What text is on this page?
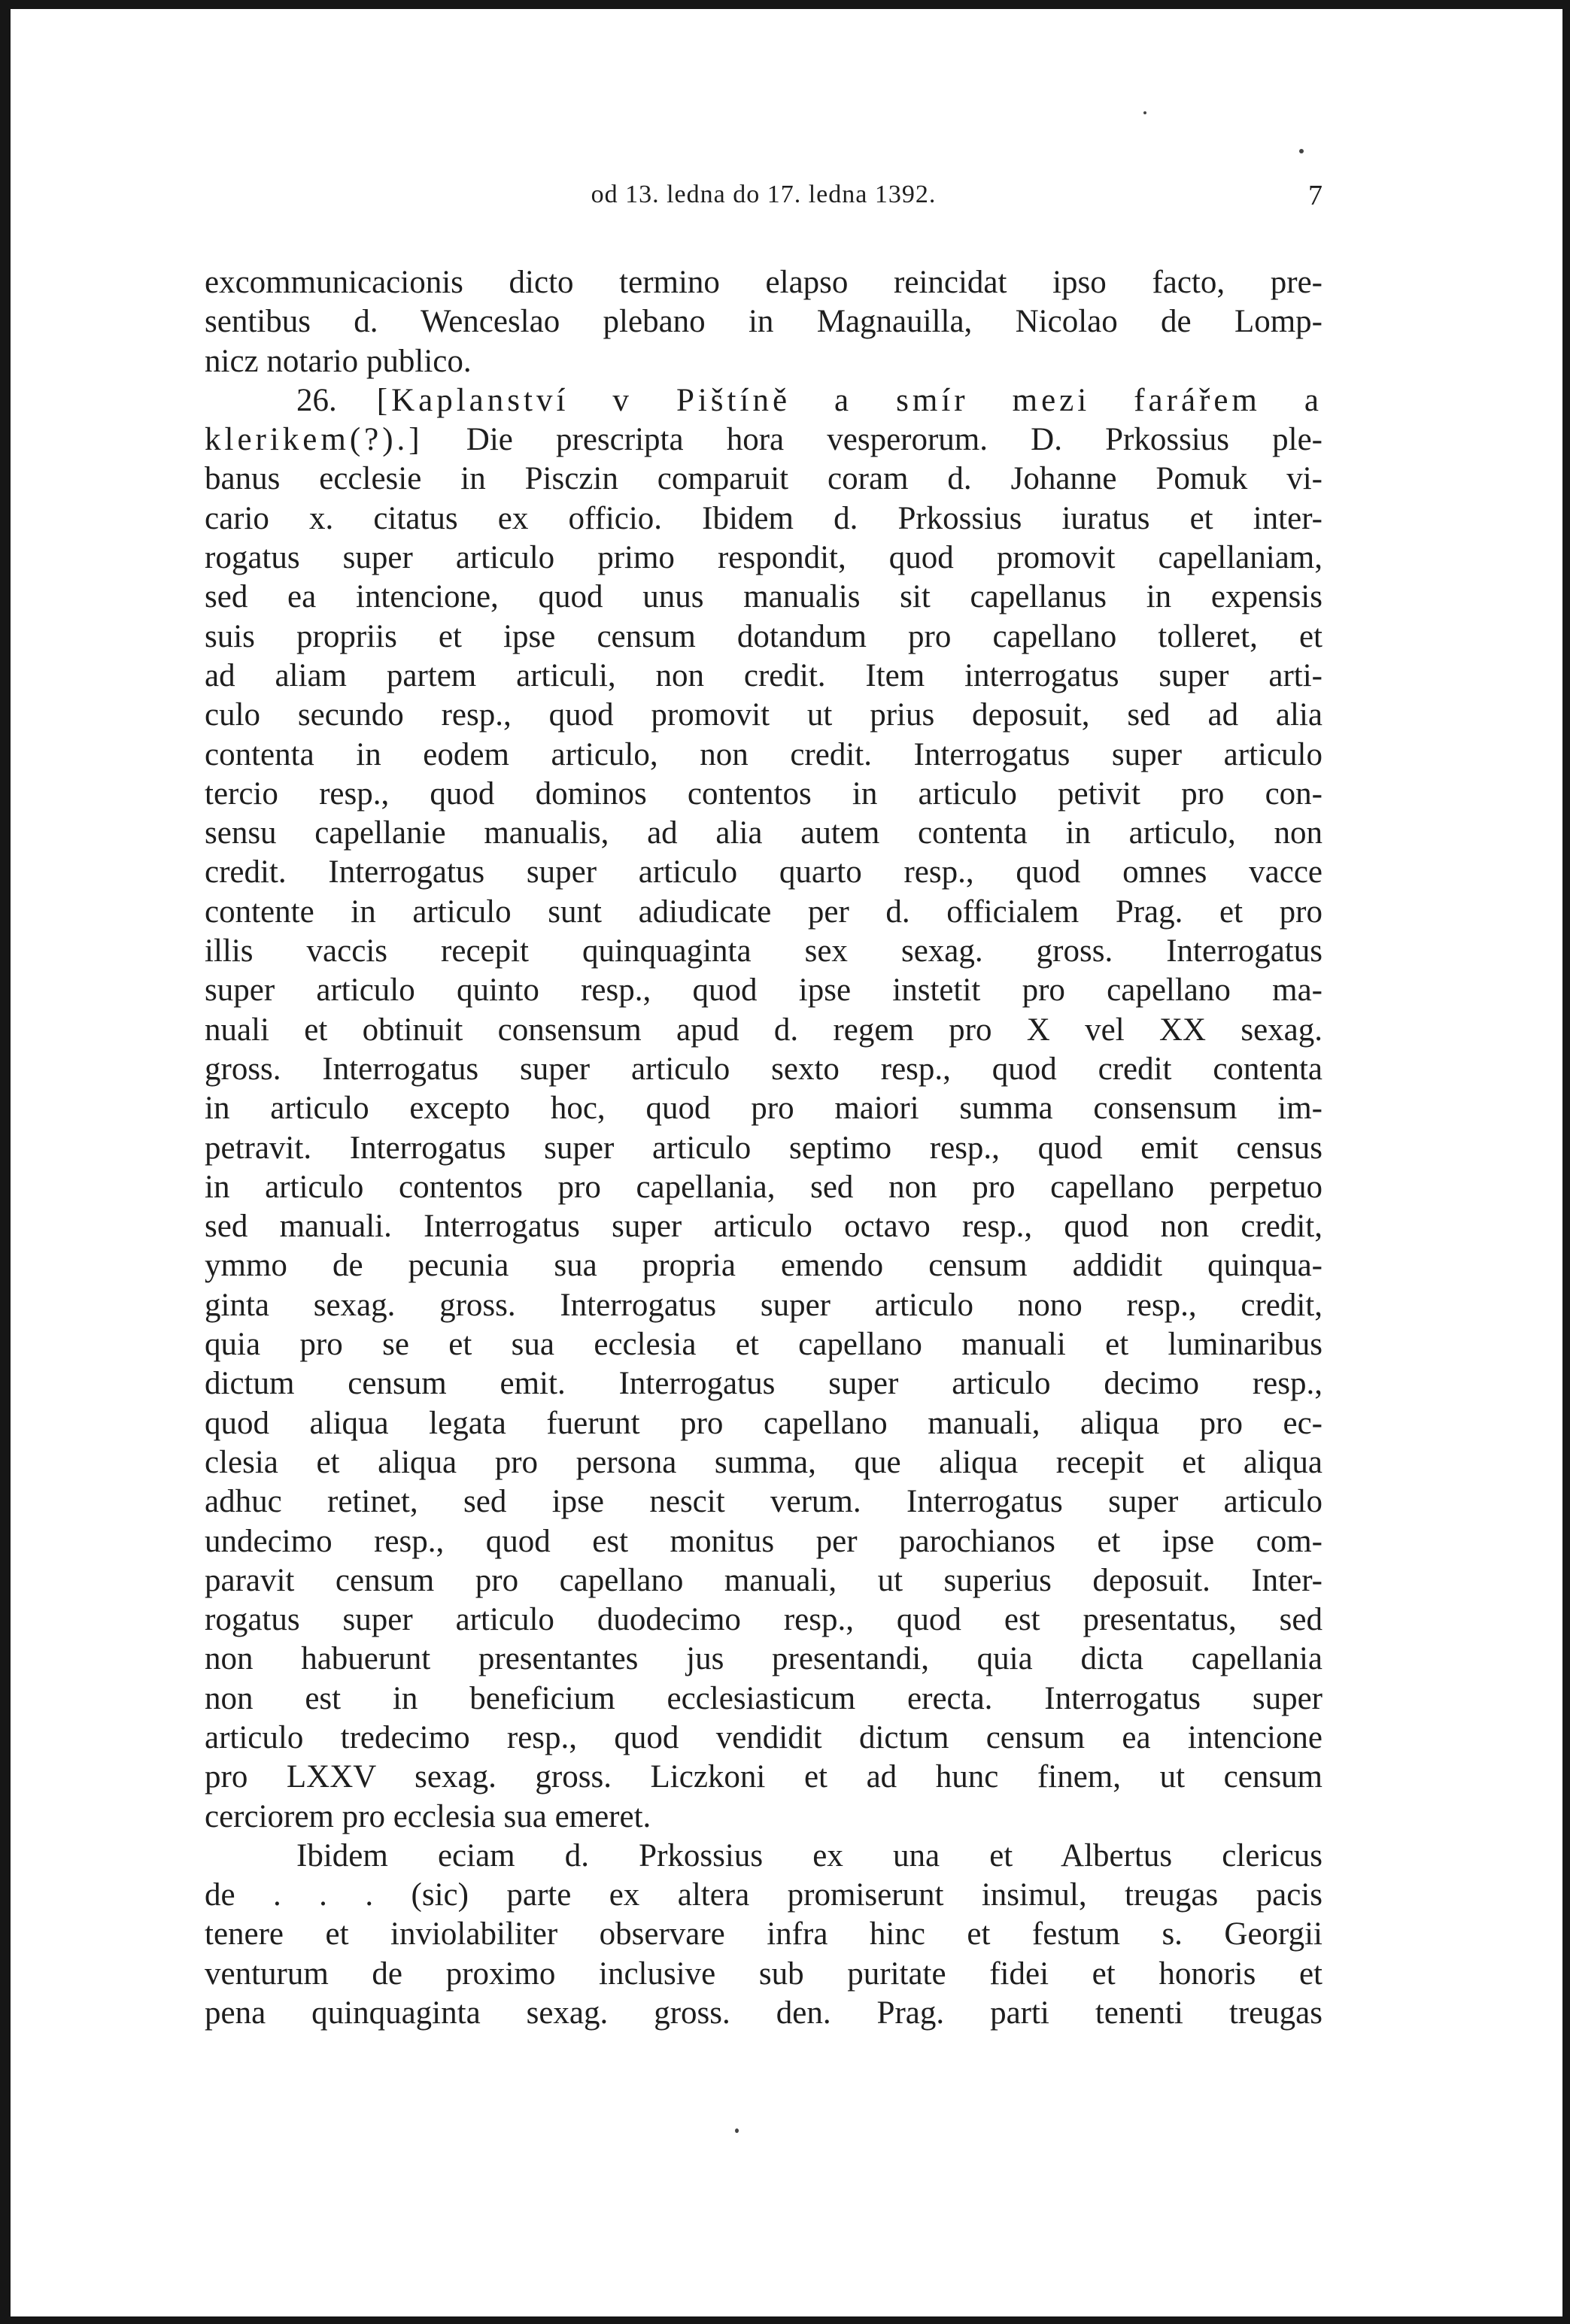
od 13. ledna do 17. ledna 1392.	7
excommunicacionis dicto termino elapso reincidat ipso facto, pre-
sentibus d. Wenceslao plebano in Magnauilla, Nicolao de Lomp-
nicz notario publico.
26. [Kaplanství v Pištíně a smír mezi farářem a
klerikem(?).] Die prescripta hora vesperorum. D. Prkossius ple-
banus ecclesie in Pisczin comparuit coram d. Johanne Pomuk vi-
cario x. citatus ex officio. Ibidem d. Prkossius iuratus et inter-
rogatus super articulo primo respondit, quod promovit capellaniam,
sed ea intencione, quod unus manualis sit capellanus in expensis
suis propriis et ipse censum dotandum pro capellano tolleret, et
ad aliam partem articuli, non credit. Item interrogatus super arti-
culo secundo resp., quod promovit ut prius deposuit, sed ad alia
contenta in eodem articulo, non credit. Interrogatus super articulo
tercio resp., quod dominos contentos in articulo petivit pro con-
sensu capellanie manualis, ad alia autem contenta in articulo, non
credit. Interrogatus super articulo quarto resp., quod omnes vacce
contente in articulo sunt adiudicate per d. officialem Prag. et pro
illis vaccis recepit quinquaginta sex sexag. gross. Interrogatus
super articulo quinto resp., quod ipse instetit pro capellano ma-
nuali et obtinuit consensum apud d. regem pro X vel XX sexag.
gross. Interrogatus super articulo sexto resp., quod credit contenta
in articulo excepto hoc, quod pro maiori summa consensum im-
petravit. Interrogatus super articulo septimo resp., quod emit census
in articulo contentos pro capellania, sed non pro capellano perpetuo
sed manuali. Interrogatus super articulo octavo resp., quod non credit,
ymmo de pecunia sua propria emendo censum addidit quinqua-
ginta sexag. gross. Interrogatus super articulo nono resp., credit,
quia pro se et sua ecclesia et capellano manuali et luminaribus
dictum censum emit. Interrogatus super articulo decimo resp.,
quod aliqua legata fuerunt pro capellano manuali, aliqua pro ec-
clesia et aliqua pro persona summa, que aliqua recepit et aliqua
adhuc retinet, sed ipse nescit verum. Interrogatus super articulo
undecimo resp., quod est monitus per parochianos et ipse com-
paravit censum pro capellano manuali, ut superius deposuit. Inter-
rogatus super articulo duodecimo resp., quod est presentatus, sed
non habuerunt presentantes jus presentandi, quia dicta capellania
non est in beneficium ecclesiasticum erecta. Interrogatus super
articulo tredecimo resp., quod vendidit dictum censum ea intencione
pro LXXV sexag. gross. Liczkoni et ad hunc finem, ut censum
cerciorem pro ecclesia sua emeret.
Ibidem eciam d. Prkossius ex una et Albertus clericus
de . . . (sic) parte ex altera promiserunt insimul, treugas pacis
tenere et inviolabiliter observare infra hinc et festum s. Georgii
venturum de proximo inclusive sub puritate fidei et honoris et
pena quinquaginta sexag. gross. den. Prag. parti tenenti treugas
